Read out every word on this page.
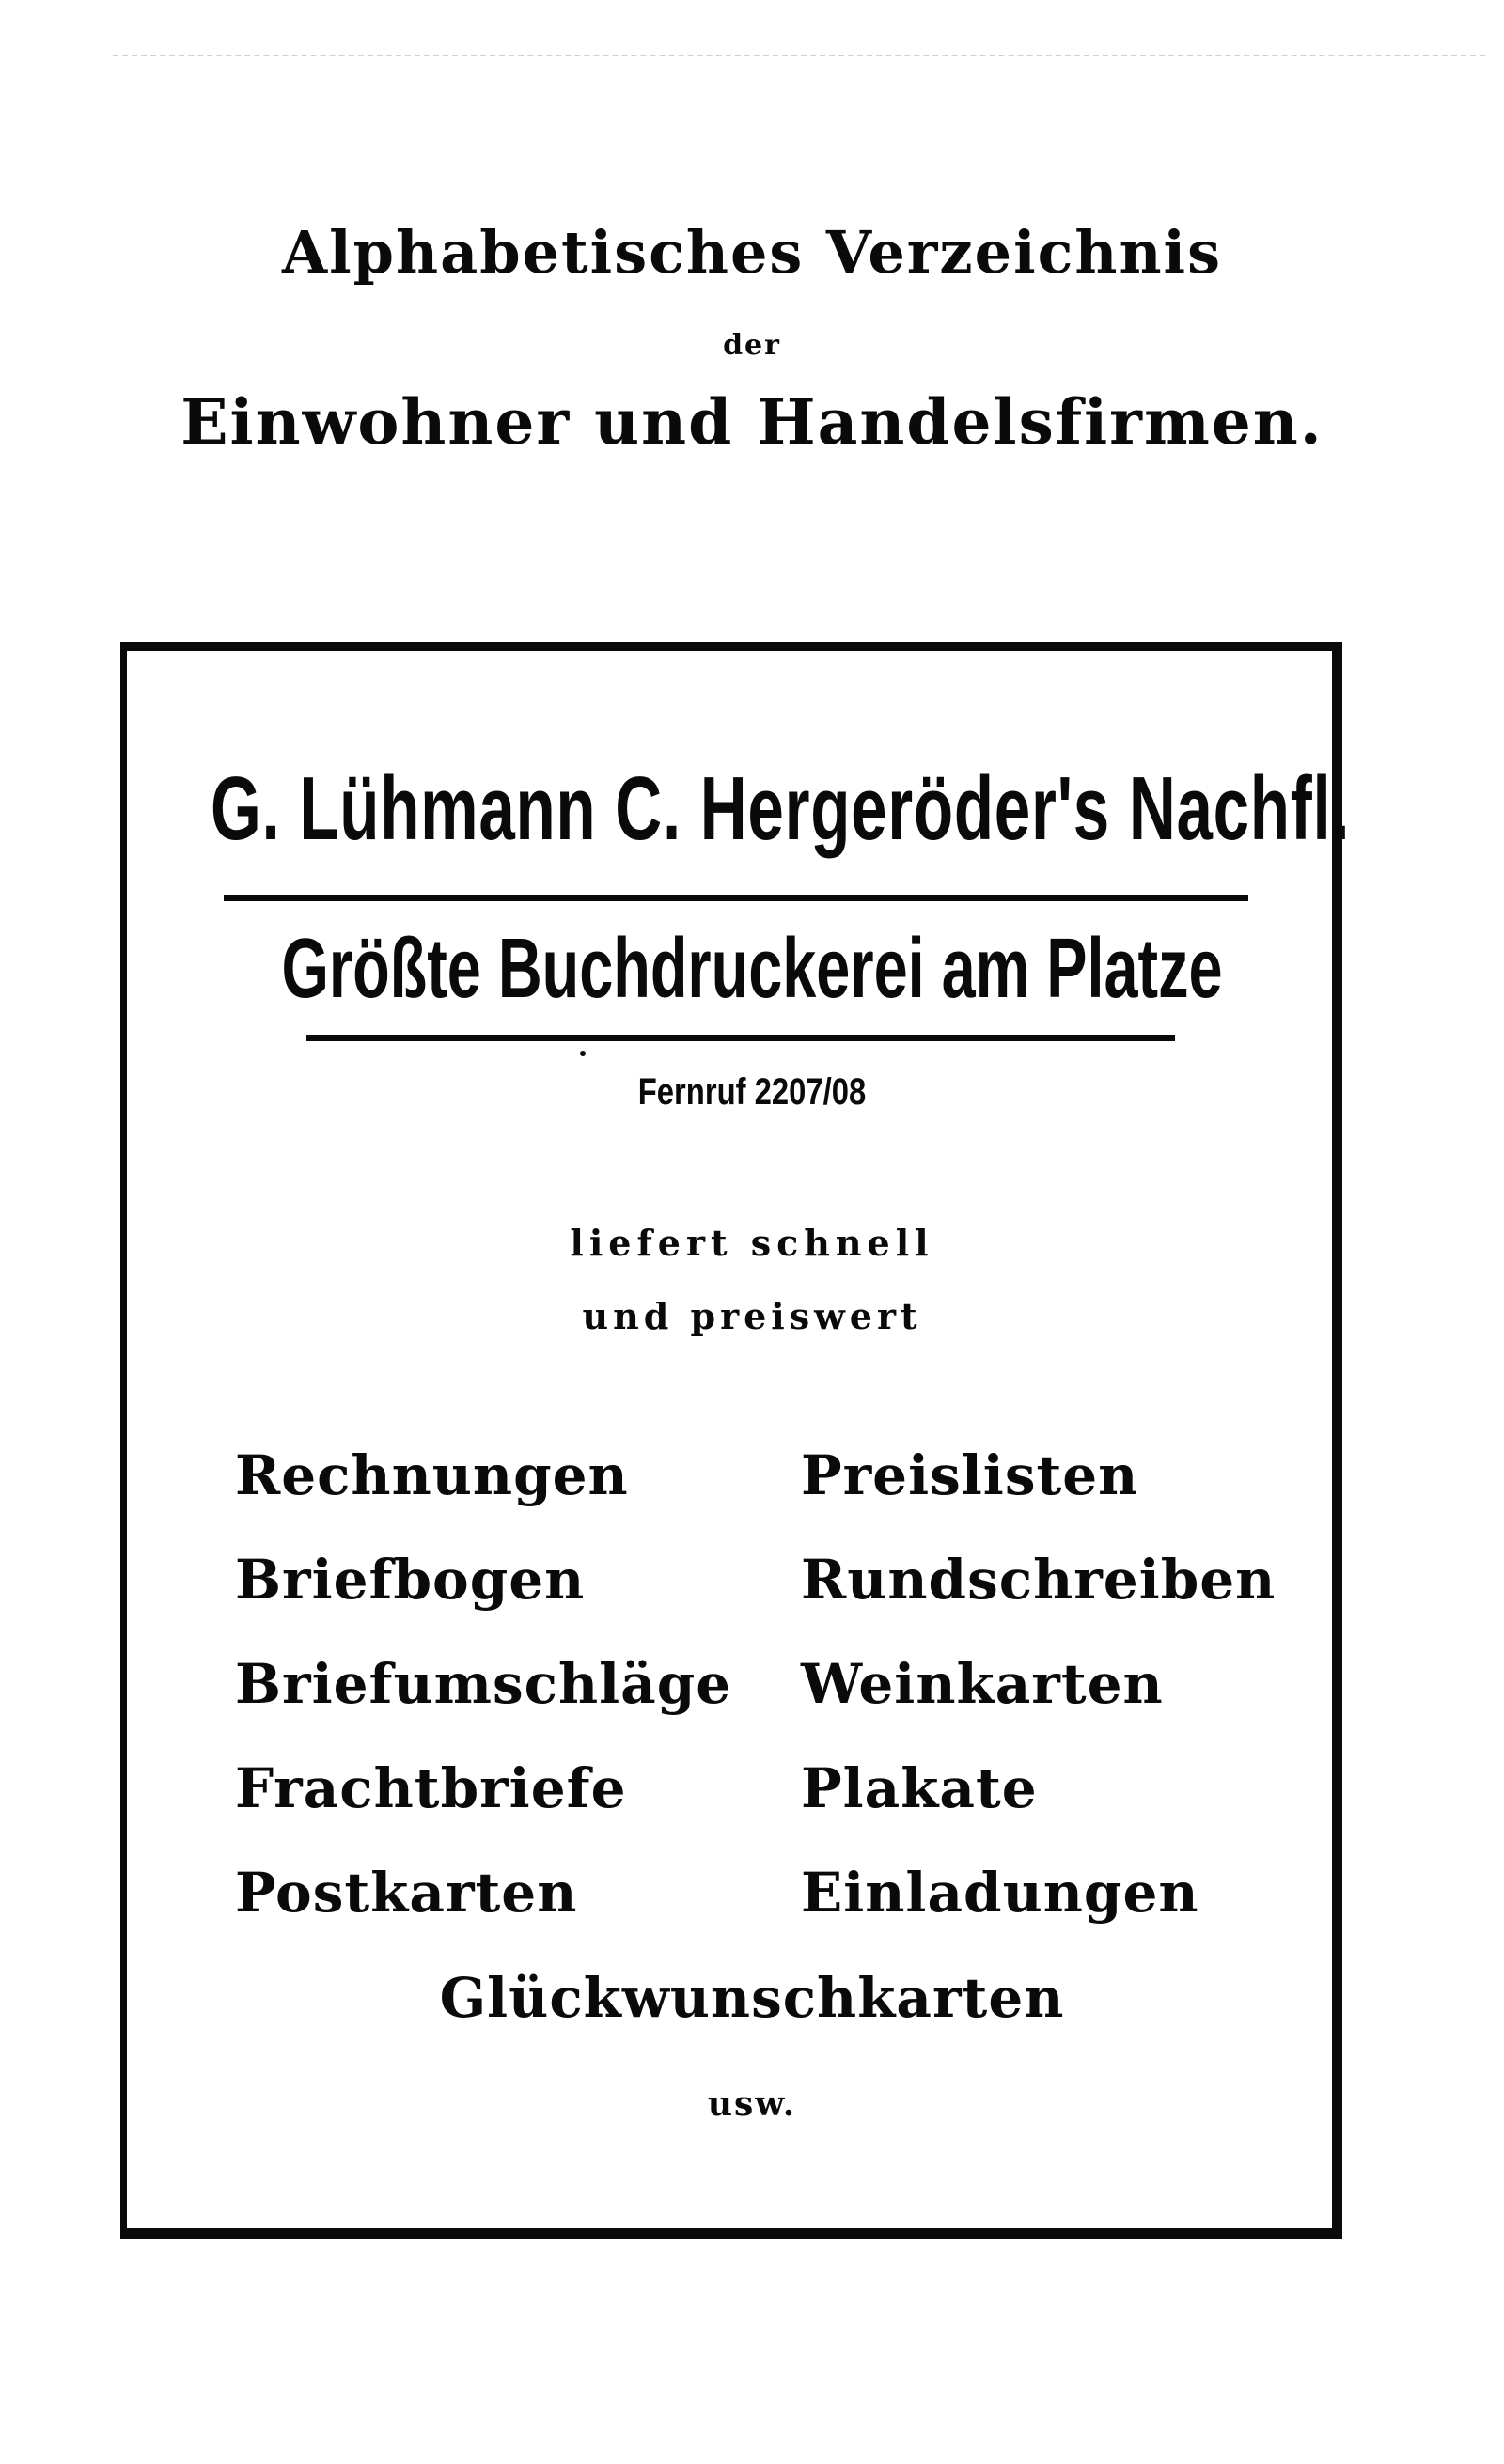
Alphabetisches Verzeichnis
der
Einwohner und Handelsfirmen.
G. Lühmann C. Hergeröder's Nachfl.
Größte Buchdruckerei am Platze
Fernruf 2207/08
liefert schnell
und preiswert
Rechnungen
Briefbogen
Briefumschläge
Frachtbriefe
Postkarten
Preislisten
Rundschreiben
Weinkarten
Plakate
Einladungen
Glückwunschkarten
usw.
